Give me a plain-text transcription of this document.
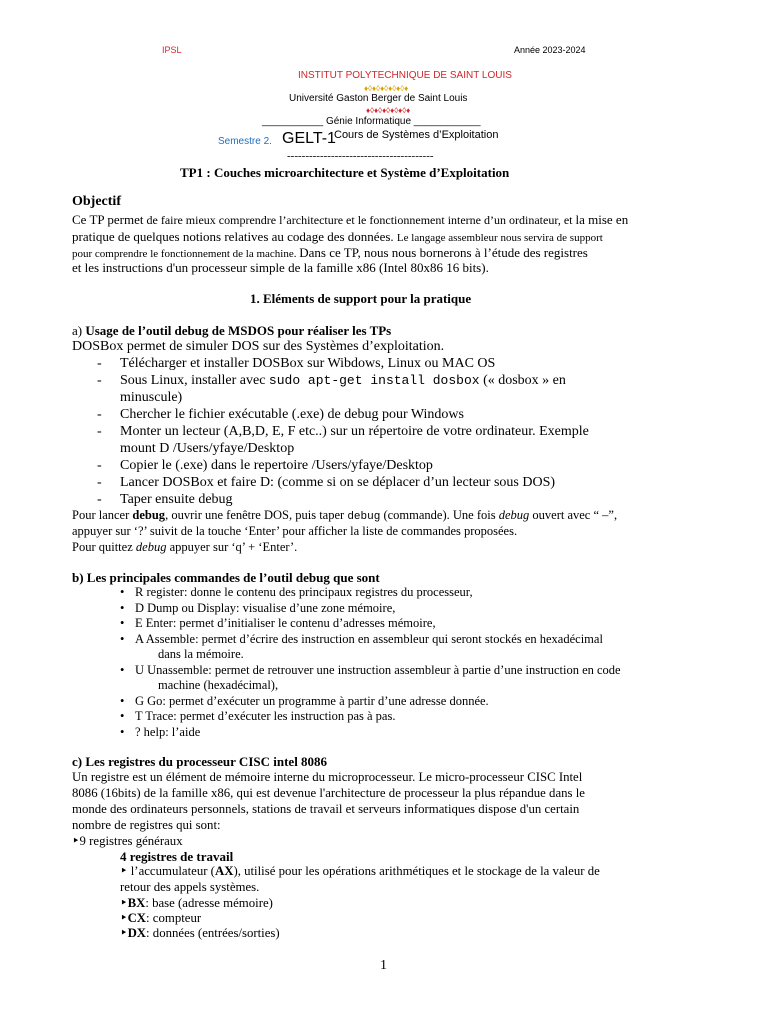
IPSL	Année 2023-2024
INSTITUT POLYTECHNIQUE DE SAINT LOUIS
♦◊♦◊♦◊♦◊♦◊♦
Université Gaston Berger de Saint Louis
♦◊♦◊♦◊♦◊♦◊♦
___________ Génie Informatique ____________
Semestre 2. GELT-1
Cours de Systèmes d’Exploitation
----------------------------------------
TP1 : Couches microarchitecture et Système d’Exploitation
Objectif
Ce TP permet de faire mieux comprendre l’architecture et le fonctionnement interne d’un ordinateur, et la mise en
pratique de quelques notions relatives au codage des données. Le langage assembleur nous servira de support
pour comprendre le fonctionnement de la machine. Dans ce TP, nous nous bornerons à l’étude des registres
et les instructions d'un processeur simple de la famille x86 (Intel 80x86 16 bits).
1. Eléments de support pour la pratique
a) Usage de l’outil debug de MSDOS pour réaliser les TPs
DOSBox permet de simuler DOS sur des Systèmes d’exploitation.
- Télécharger et installer DOSBox sur Wibdows, Linux ou MAC OS
- Sous Linux, installer avec sudo apt-get install dosbox (« dosbox » en
minuscule)
- Chercher le fichier exécutable (.exe) de debug pour Windows
- Monter un lecteur (A,B,D, E, F etc..) sur un répertoire de votre ordinateur. Exemple
mount D /Users/yfaye/Desktop
- Copier le (.exe) dans le repertoire /Users/yfaye/Desktop
- Lancer DOSBox et faire D: (comme si on se déplacer d’un lecteur sous DOS)
- Taper ensuite debug
Pour lancer debug, ouvrir une fenêtre DOS, puis taper debug (commande). Une fois debug ouvert avec “ –”,
appuyer sur ‘?’ suivit de la touche ‘Enter’ pour afficher la liste de commandes proposées.
Pour quittez debug appuyer sur ‘q’ + ‘Enter’.
b) Les principales commandes de l’outil debug que sont
• R register: donne le contenu des principaux registres du processeur,
• D Dump ou Display: visualise d’une zone mémoire,
• E Enter: permet d’initialiser le contenu d’adresses mémoire,
• A Assemble: permet d’écrire des instruction en assembleur qui seront stockés en hexadécimal
dans la mémoire.
• U Unassemble: permet de retrouver une instruction assembleur à partie d’une instruction en code
machine (hexadécimal),
• G Go: permet d’exécuter un programme à partir d’une adresse donnée.
• T Trace: permet d’exécuter les instruction pas à pas.
• ? help: l’aide
c) Les registres du processeur CISC intel 8086
Un registre est un élément de mémoire interne du microprocesseur. Le micro-processeur CISC Intel
8086 (16bits) de la famille x86, qui est devenue l'architecture de processeur la plus répandue dans le
monde des ordinateurs personnels, stations de travail et serveurs informatiques dispose d'un certain
nombre de registres qui sont:
‣9 registres généraux
4 registres de travail
‣ l’accumulateur (AX), utilisé pour les opérations arithmétiques et le stockage de la valeur de
retour des appels systèmes.
‣BX: base (adresse mémoire)
‣CX: compteur
‣DX: données (entrées/sorties)
1
